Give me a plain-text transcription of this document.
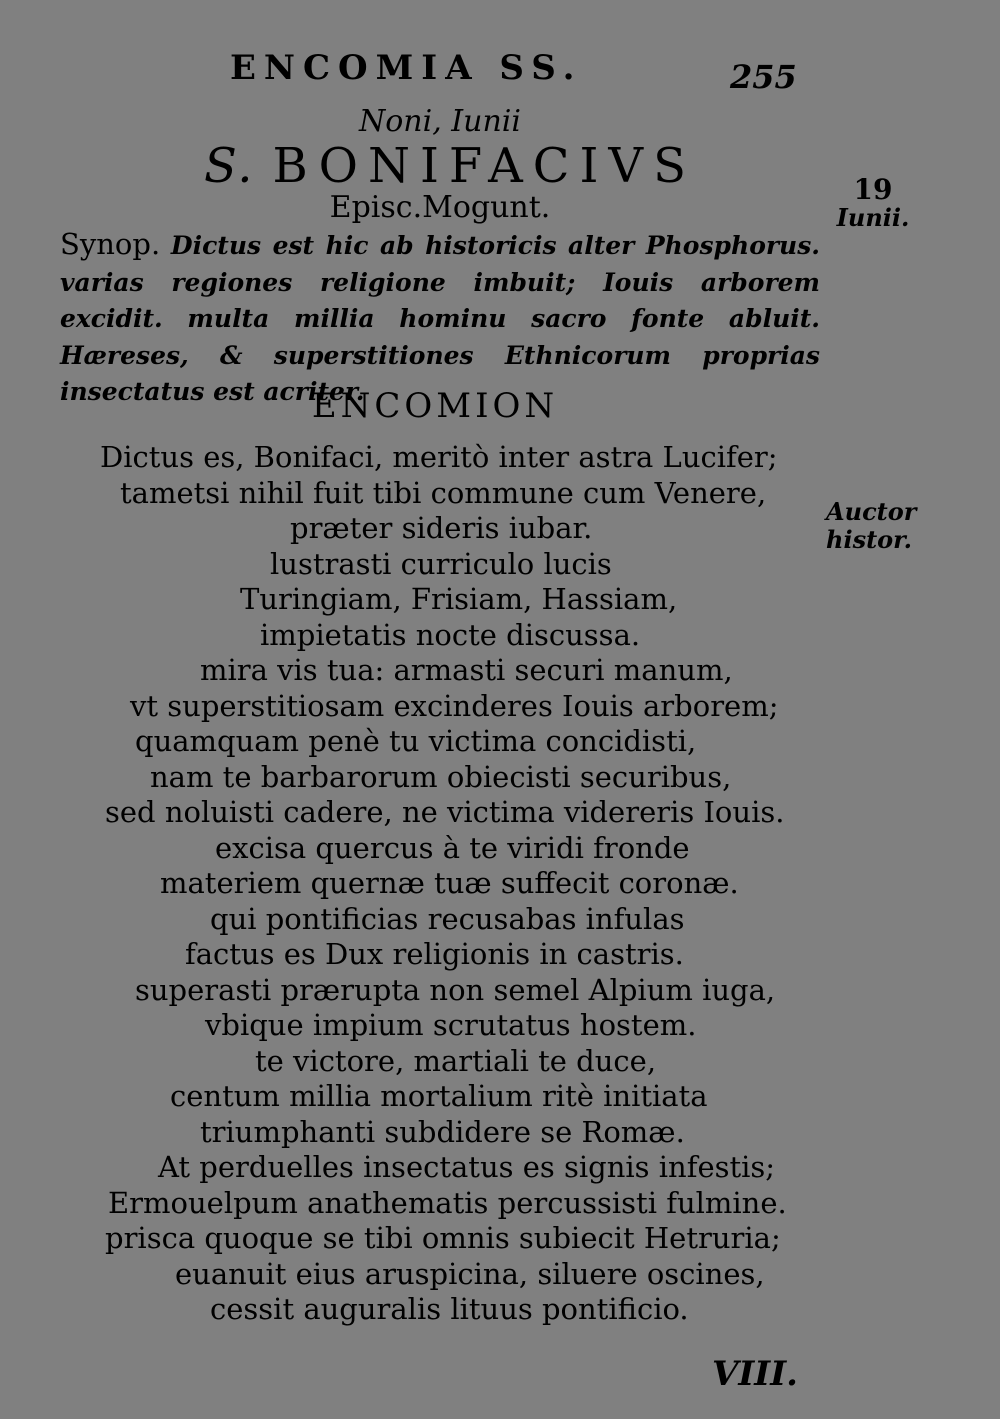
ENCOMIA SS.	255
Noni, Iunii
S. BONIFACIVS
Episc.Mogunt.
Synop. Dictus est hic ab historicis alter Phosphorus. varias regiones religione imbuit; Iouis arborem excidit. multa millia hominu sacro fonte abluit. Hæreses, & superstitiones Ethnicorum proprias insectatus est acriter.
ENCOMION
Dictus es, Bonifaci, meritò inter astra Lucifer;
tametsi nihil fuit tibi commune cum Venere,
præter sideris iubar.
lustrasti curriculo lucis
Turingiam, Frisiam, Hassiam,
impietatis nocte discussa.
mira vis tua: armasti securi manum,
vt superstitiosam excinderes Iouis arborem;
quamquam penè tu victima concidisti,
nam te barbarorum obiecisti securibus,
sed noluisti cadere, ne victima videreris Iouis.
excisa quercus à te viridi fronde
materiem quernæ tuæ suffecit coronæ.
qui pontificias recusabas infulas
factus es Dux religionis in castris.
superasti prærupta non semel Alpium iuga,
vbique impium scrutatus hostem.
te victore, martiali te duce,
centum millia mortalium ritè initiata
triumphanti subdidere se Romæ.
At perduelles insectatus es signis infestis;
Ermouelpum anathematis percussisti fulmine.
prisca quoque se tibi omnis subiecit Hetruria;
euanuit eius aruspicina, siluere oscines,
cessit auguralis lituus pontificio.
19
Iunii.
Auctor
histor.
VIII.
